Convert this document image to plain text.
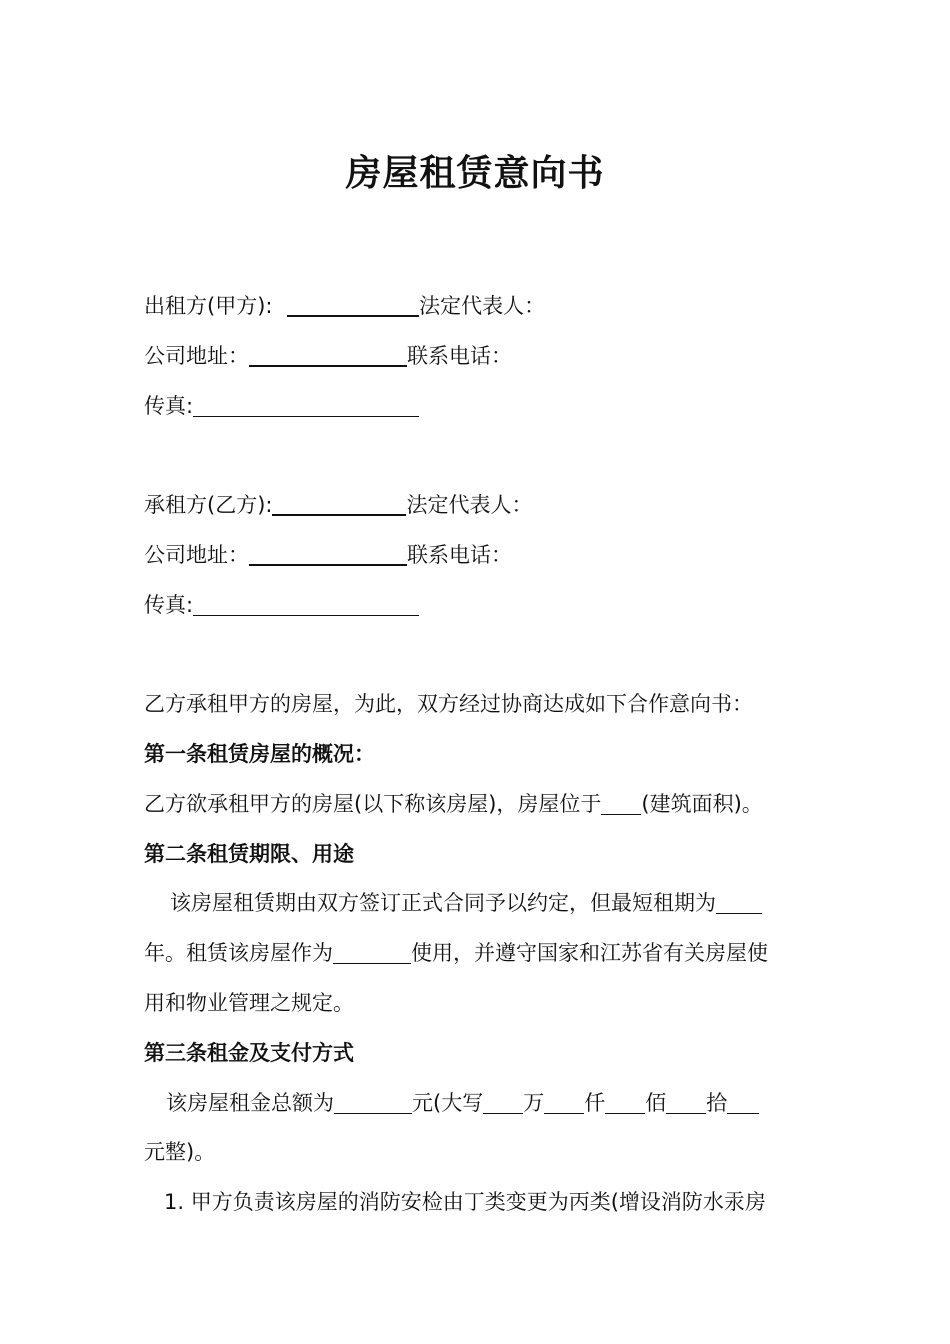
房屋租赁意向书
出租方(甲方):	法定代表人：
公司地址：	联系电话：
传真:
承租方(乙方):	法定代表人：
公司地址：	联系电话：
传真:
乙方承租甲方的房屋，为此，双方经过协商达成如下合作意向书：
第一条租赁房屋的概况：
乙方欲承租甲方的房屋(以下称该房屋)，房屋位于 (建筑面积)。
第二条租赁期限、用途
该房屋租赁期由双方签订正式合同予以约定，但最短租期为
年。租赁该房屋作为	使用，并遵守国家和江苏省有关房屋使
用和物业管理之规定。
第三条租金及支付方式
该房屋租金总额为	元(大写 万 仟 佰 拾
元整)。
1. 甲方负责该房屋的消防安检由丁类变更为丙类(增设消防水汞房
